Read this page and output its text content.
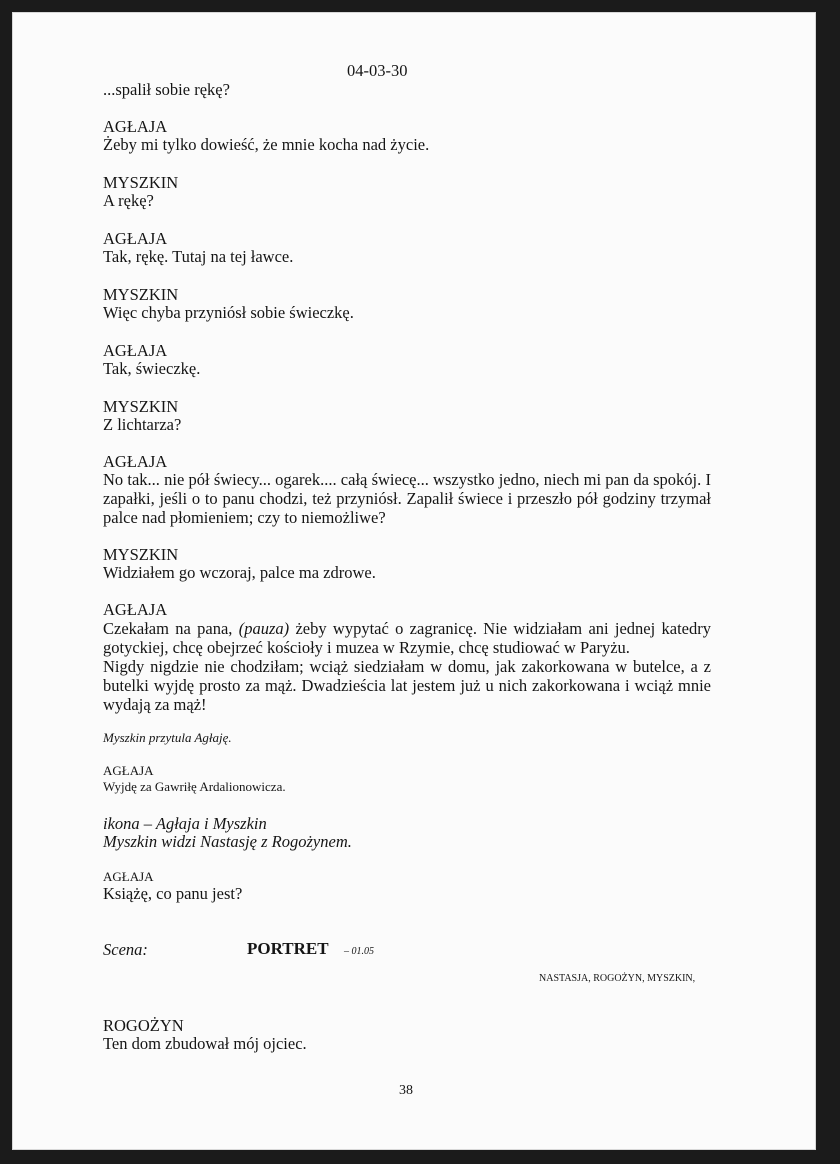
04-03-30
...spalił sobie rękę?
AGŁAJA
Żeby mi tylko dowieść, że mnie kocha nad życie.
MYSZKIN
A rękę?
AGŁAJA
Tak, rękę. Tutaj na tej ławce.
MYSZKIN
Więc chyba przyniósł sobie świeczkę.
AGŁAJA
Tak, świeczkę.
MYSZKIN
Z lichtarza?
AGŁAJA
No tak... nie pół świecy... ogarek.... całą świecę... wszystko jedno, niech mi pan da spokój. I zapałki, jeśli o to panu chodzi, też przyniósł. Zapalił świece i przeszło pół godziny trzymał palce nad płomieniem; czy to niemożliwe?
MYSZKIN
Widziałem go wczoraj, palce ma zdrowe.
AGŁAJA

Czekałam na pana, (pauza) żeby wypytać o zagranicę. Nie widziałam ani jednej katedry gotyckiej, chcę obejrzeć kościoły i muzea w Rzymie, chcę studiować w Paryżu.

Nigdy nigdzie nie chodziłam; wciąż siedziałam w domu, jak zakorkowana w butelce, a z butelki wyjdę prosto za mąż. Dwadzieścia lat jestem już u nich zakorkowana i wciąż mnie wydają za mąż!

Myszkin przytula Agłaję.
AGŁAJA
Wyjdę za Gawriłę Ardalionowicza.
ikona – Agłaja i Myszkin
Myszkin widzi Nastasję z Rogożynem.
AGŁAJA
Książę, co panu jest?
Scena:	PORTRET – 01.05
NASTASJA, ROGOŻYN, MYSZKIN,
ROGOŻYN
Ten dom zbudował mój ojciec.
38
